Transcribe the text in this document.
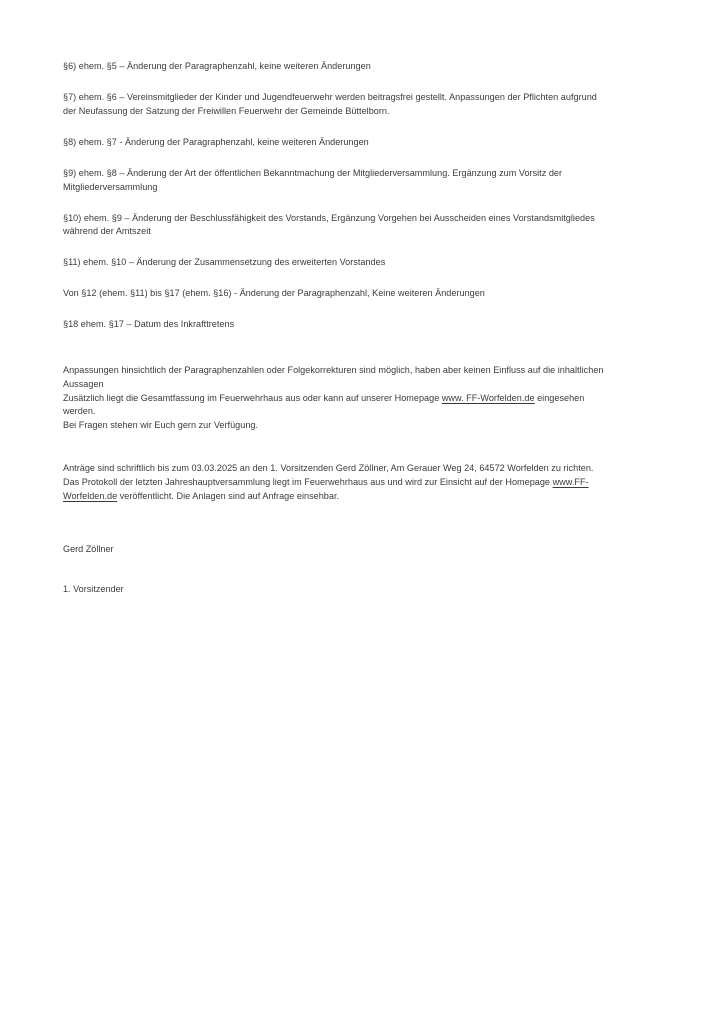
§6) ehem. §5 – Änderung der Paragraphenzahl, keine weiteren Änderungen

§7) ehem. §6 – Vereinsmitglieder der Kinder und Jugendfeuerwehr werden beitragsfrei gestellt. Anpassungen der Pflichten aufgrund der Neufassung der Satzung der Freiwillen Feuerwehr der Gemeinde Büttelborn.

§8) ehem. §7 - Änderung der Paragraphenzahl, keine weiteren Änderungen

§9) ehem. §8 – Änderung der Art der öffentlichen Bekanntmachung der Mitgliederversammlung. Ergänzung zum Vorsitz der Mitgliederversammlung

§10) ehem. §9 – Änderung der Beschlussfähigkeit des Vorstands, Ergänzung Vorgehen bei Ausscheiden eines Vorstandsmitgliedes während der Amtszeit

§11) ehem. §10 – Änderung der Zusammensetzung des erweiterten Vorstandes

Von §12 (ehem. §11) bis §17 (ehem. §16) - Änderung der Paragraphenzahl, Keine weiteren Änderungen

§18 ehem. §17 – Datum des Inkrafttretens

Anpassungen hinsichtlich der Paragraphenzahlen oder Folgekorrekturen sind möglich, haben aber keinen Einfluss auf die inhaltlichen Aussagen

Zusätzlich liegt die Gesamtfassung im Feuerwehrhaus aus oder kann auf unserer Homepage www. FF-Worfelden.de eingesehen werden.

Bei Fragen stehen wir Euch gern zur Verfügung.

Anträge sind schriftlich bis zum 03.03.2025 an den 1. Vorsitzenden Gerd Zöllner, Am Gerauer Weg 24, 64572 Worfelden zu richten.

Das Protokoll der letzten Jahreshauptversammlung liegt im Feuerwehrhaus aus und wird zur Einsicht auf der Homepage www.FF-Worfelden.de veröffentlicht. Die Anlagen sind auf Anfrage einsehbar.

Gerd Zöllner

1. Vorsitzender
